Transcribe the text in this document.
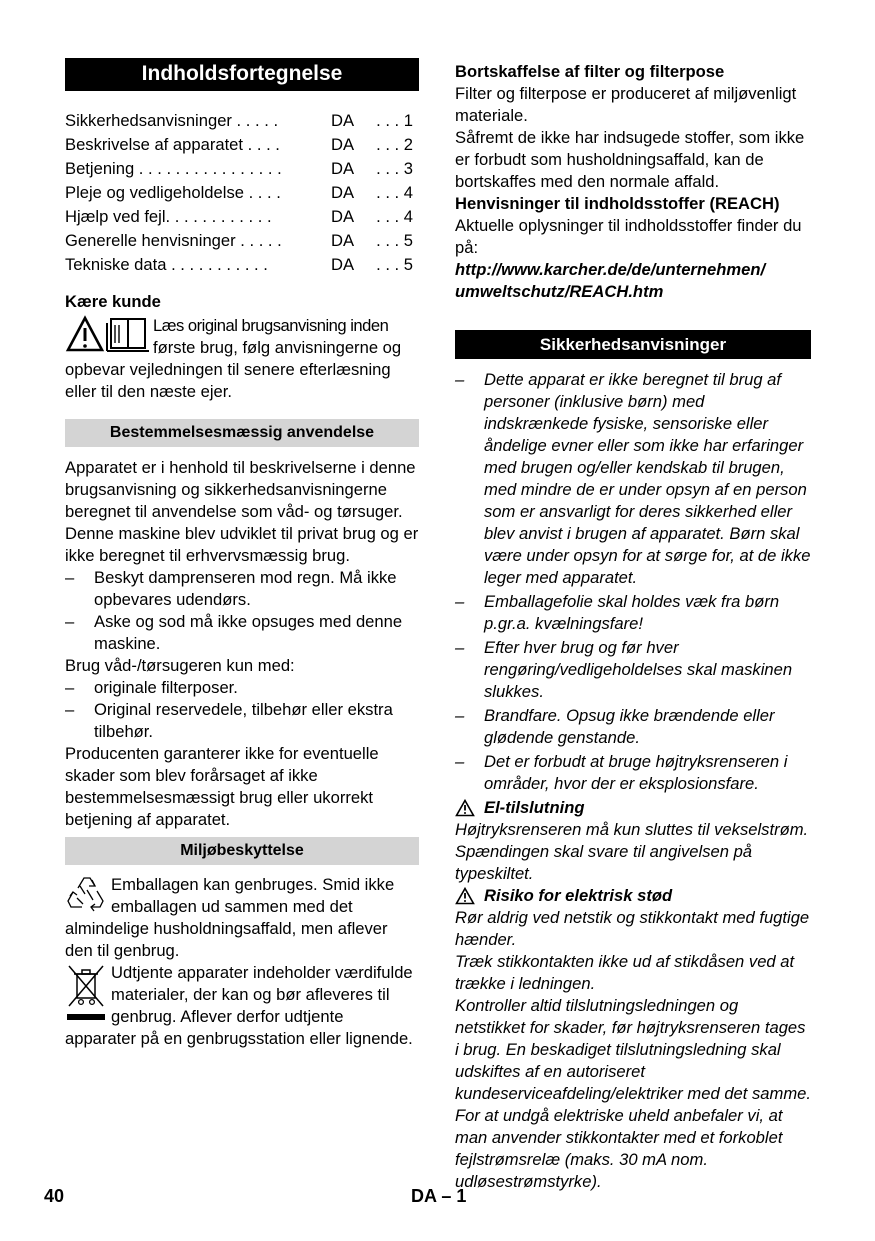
Indholdsfortegnelse
Sikkerhedsanvisninger . . . . .	DA	. . . 1
Beskrivelse af apparatet . . . .	DA	. . . 2
Betjening . . . . . . . . . . . . . . . .	DA	. . . 3
Pleje og vedligeholdelse . . . .	DA	. . . 4
Hjælp ved fejl. . . . . . . . . . . .	DA	. . . 4
Generelle henvisninger . . . . .	DA	. . . 5
Tekniske data . . . . . . . . . . .	DA	. . . 5

Kære kunde

Læs original brugsanvisning inden

første brug, følg anvisningerne og

opbevar vejledningen til senere efterlæsning eller til den næste ejer.

Bestemmelsesmæssig anvendelse

Apparatet er i henhold til beskrivelserne i denne brugsanvisning og sikkerhedsanvisningerne beregnet til anvendelse som våd- og tørsuger.

Denne maskine blev udviklet til privat brug og er ikke beregnet til erhvervsmæssig brug.

– Beskyt damprenseren mod regn. Må ikke opbevares udendørs.
– Aske og sod må ikke opsuges med denne maskine.

Brug våd-/tørsugeren kun med:

– originale filterposer.
– Original reservedele, tilbehør eller ekstra tilbehør.

Producenten garanterer ikke for eventuelle skader som blev forårsaget af ikke bestemmelsesmæssigt brug eller ukorrekt betjening af apparatet.

Miljøbeskyttelse

Emballagen kan genbruges. Smid ikke emballagen ud sammen med det almindelige husholdningsaffald, men aflever den til genbrug.

Udtjente apparater indeholder værdifulde materialer, der kan og bør afleveres til genbrug. Aflever derfor udtjente apparater på en genbrugsstation eller lignende.

Bortskaffelse af filter og filterpose

Filter og filterpose er produceret af miljøvenligt materiale.

Såfremt de ikke har indsugede stoffer, som ikke er forbudt som husholdningsaffald, kan de bortskaffes med den normale affald.

Henvisninger til indholdsstoffer (REACH)

Aktuelle oplysninger til indholdsstoffer finder du på:

http://www.karcher.de/de/unternehmen/

umweltschutz/REACH.htm

Sikkerhedsanvisninger
– Dette apparat er ikke beregnet til brug af personer (inklusive børn) med indskrænkede fysiske, sensoriske eller åndelige evner eller som ikke har erfaringer med brugen og/eller kendskab til brugen, med mindre de er under opsyn af en person som er ansvarligt for deres sikkerhed eller blev anvist i brugen af apparatet. Børn skal være under opsyn for at sørge for, at de ikke leger med apparatet.
– Emballagefolie skal holdes væk fra børn p.gr.a. kvælningsfare!
– Efter hver brug og før hver rengøring/vedligeholdelses skal maskinen slukkes.
– Brandfare. Opsug ikke brændende eller glødende genstande.
– Det er forbudt at bruge højtryksrenseren i områder, hvor der er eksplosionsfare.
El-tilslutning

Højtryksrenseren må kun sluttes til vekselstrøm. Spændingen skal svare til angivelsen på typeskiltet.

Risiko for elektrisk stød

Rør aldrig ved netstik og stikkontakt med fugtige hænder.

Træk stikkontakten ikke ud af stikdåsen ved at trække i ledningen.

Kontroller altid tilslutningsledningen og netstikket for skader, før højtryksrenseren tages i brug. En beskadiget tilslutningsledning skal udskiftes af en autoriseret kundeserviceafdeling/elektriker med det samme.

For at undgå elektriske uheld anbefaler vi, at man anvender stikkontakter med et forkoblet fejlstrømsrelæ (maks. 30 mA nom. udløsestrømstyrke).

40	DA – 1
